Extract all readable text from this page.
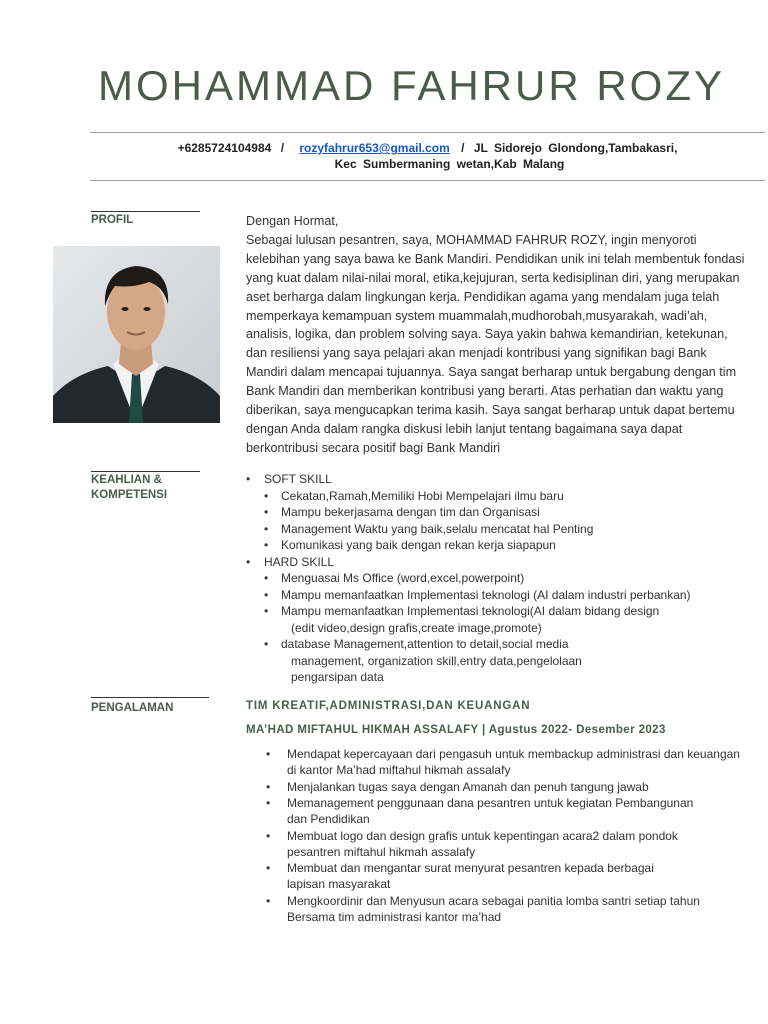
MOHAMMAD FAHRUR ROZY
+6285724104984 / rozyfahrur653@gmail.com / JL Sidorejo Glondong,Tambakasri,
Kec Sumbermaning wetan,Kab Malang
PROFIL	Dengan Hormat,

Sebagai lulusan pesantren, saya, MOHAMMAD FAHRUR ROZY, ingin menyoroti kelebihan yang saya bawa ke Bank Mandiri. Pendidikan unik ini telah membentuk fondasi yang kuat dalam nilai-nilai moral, etika,kejujuran, serta kedisiplinan diri, yang merupakan aset berharga dalam lingkungan kerja. Pendidikan agama yang mendalam juga telah memperkaya kemampuan system muammalah,mudhorobah,musyarakah, wadi’ah, analisis, logika, dan problem solving saya. Saya yakin bahwa kemandirian, ketekunan, dan resiliensi yang saya pelajari akan menjadi kontribusi yang signifikan bagi Bank Mandiri dalam mencapai tujuannya. Saya sangat berharap untuk bergabung dengan tim Bank Mandiri dan memberikan kontribusi yang berarti. Atas perhatian dan waktu yang diberikan, saya mengucapkan terima kasih. Saya sangat berharap untuk dapat bertemu dengan Anda dalam rangka diskusi lebih lanjut tentang bagaimana saya dapat berkontribusi secara positif bagi Bank Mandiri

KEAHLIAN &
KOMPETENSI
• SOFT SKILL
• Cekatan,Ramah,Memiliki Hobi Mempelajari ilmu baru
• Mampu bekerjasama dengan tim dan Organisasi
• Management Waktu yang baik,selalu mencatat hal Penting
• Komunikasi yang baik dengan rekan kerja siapapun
• HARD SKILL
• Menguasai Ms Office (word,excel,powerpoint)
• Mampu memanfaatkan Implementasi teknologi (AI dalam industri perbankan)
• Mampu memanfaatkan Implementasi teknologi(AI dalam bidang design
(edit video,design grafis,create image,promote)
• database Management,attention to detail,social media
management, organization skill,entry data,pengelolaan
pengarsipan data
PENGALAMAN	TIM KREATIF,ADMINISTRASI,DAN KEUANGAN
MA’HAD MIFTAHUL HIKMAH ASSALAFY | Agustus 2022- Desember 2023
• Mendapat kepercayaan dari pengasuh untuk membackup administrasi dan keuangan
di kantor Ma’had miftahul hikmah assalafy
• Menjalankan tugas saya dengan Amanah dan penuh tangung jawab
• Memanagement penggunaan dana pesantren untuk kegiatan Pembangunan
dan Pendidikan
• Membuat logo dan design grafis untuk kepentingan acara2 dalam pondok
pesantren miftahul hikmah assalafy
• Membuat dan mengantar surat menyurat pesantren kepada berbagai
lapisan masyarakat
• Mengkoordinir dan Menyusun acara sebagai panitia lomba santri setiap tahun
Bersama tim administrasi kantor ma’had
